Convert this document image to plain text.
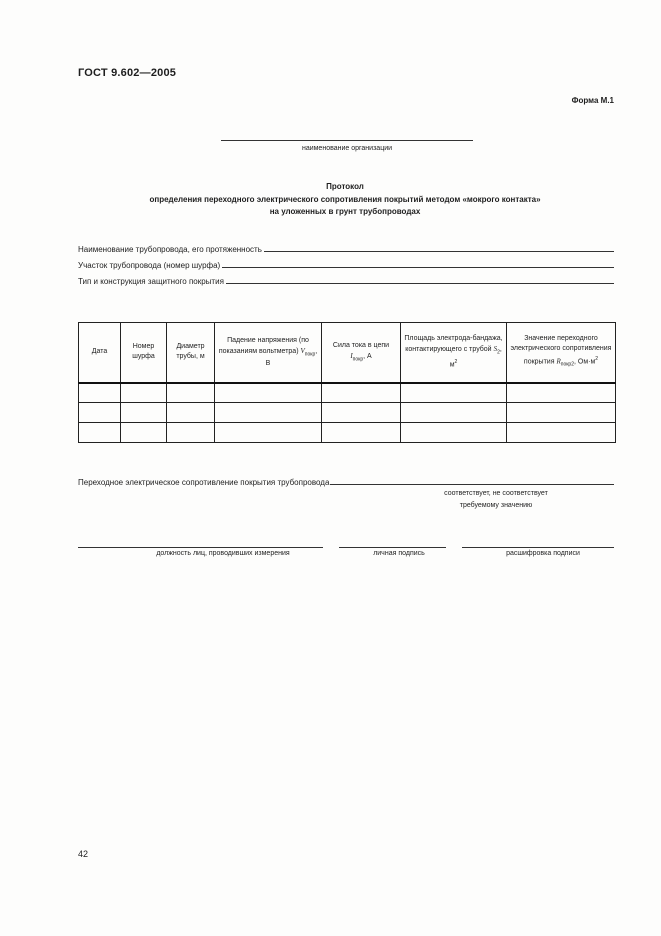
ГОСТ 9.602—2005
Форма М.1
наименование организации
Протокол
определения переходного электрического сопротивления покрытий методом «мокрого контакта»
на уложенных в грунт трубопроводах
Наименование трубопровода, его протяженность
Участок трубопровода (номер шурфа)
Тип и конструкция защитного покрытия
Дата	Номер шурфа	Диаметр трубы, м	Падение напряжения (по показаниям вольтметра) $V_{покр}$, В	Сила тока в цепи
$I_{покр}$, А	Площадь электрода-бандажа, контактирующего с трубой $S_2$, $м^2$	Значение переходного электрического сопротивления покрытия $R_{покр2}$, $Ом\cdot м^2$

Переходное электрическое сопротивление покрытия трубопровода
соответствует, не соответствует
требуемому значению
должность лиц, проводивших измерения	личная подпись	расшифровка подписи
42
